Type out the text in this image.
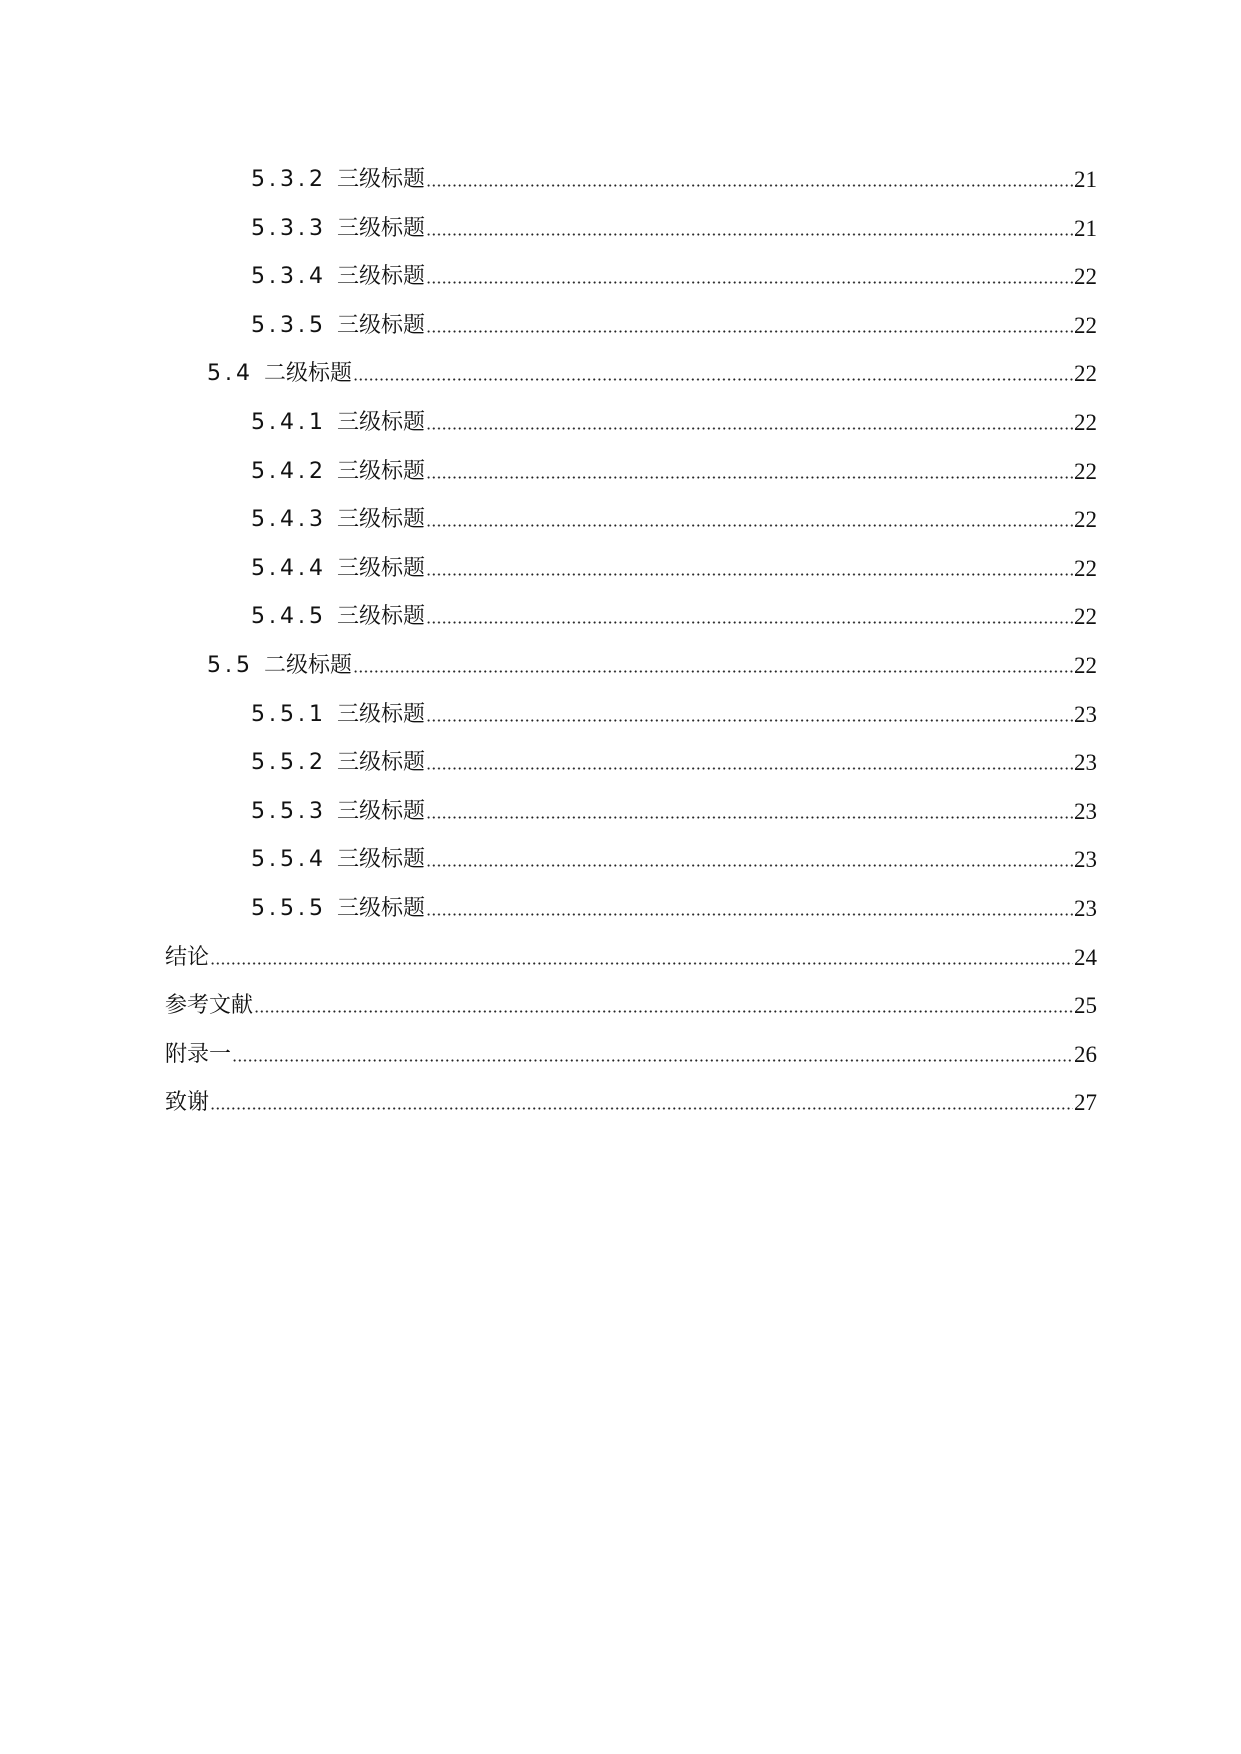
5.3.2 三级标题	21
5.3.3 三级标题	21
5.3.4 三级标题	22
5.3.5 三级标题	22
5.4 二级标题	22
5.4.1 三级标题	22
5.4.2 三级标题	22
5.4.3 三级标题	22
5.4.4 三级标题	22
5.4.5 三级标题	22
5.5 二级标题	22
5.5.1 三级标题	23
5.5.2 三级标题	23
5.5.3 三级标题	23
5.5.4 三级标题	23
5.5.5 三级标题	23
结论	24
参考文献	25
附录一	26
致谢	27
